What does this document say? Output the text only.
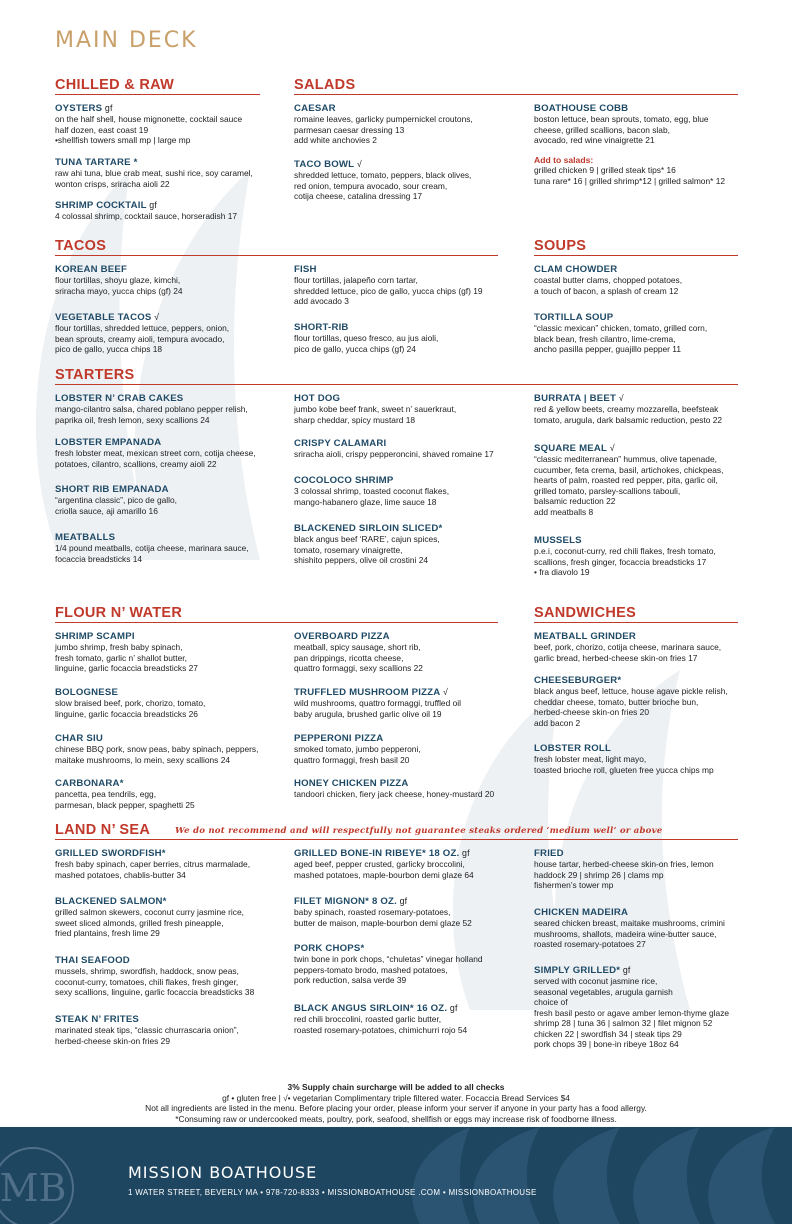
MAIN DECK
CHILLED & RAW	SALADS
TACOS	SOUPS
STARTERS
FLOUR N’ WATER	SANDWICHES
LAND N’ SEA	We do not recommend and will respectfully not guarantee steaks ordered ‘medium well’ or above
OYSTERS gf
on the half shell, house mignonette, cocktail sauce
half dozen, east coast 19
•shellfish towers small mp | large mp
TUNA TARTARE *
raw ahi tuna, blue crab meat, sushi rice, soy caramel,
wonton crisps, sriracha aioli 22
SHRIMP COCKTAIL gf
4 colossal shrimp, cocktail sauce, horseradish 17
CAESAR
romaine leaves, garlicky pumpernickel croutons,
parmesan caesar dressing 13
add white anchovies 2
TACO BOWL √
shredded lettuce, tomato, peppers, black olives,
red onion, tempura avocado, sour cream,
cotija cheese, catalina dressing 17
BOATHOUSE COBB
boston lettuce, bean sprouts, tomato, egg, blue
cheese, grilled scallions, bacon slab,
avocado, red wine vinaigrette 21
Add to salads:
grilled chicken 9 | grilled steak tips* 16
tuna rare* 16 | grilled shrimp*12 | grilled salmon* 12
KOREAN BEEF
flour tortillas, shoyu glaze, kimchi,
sriracha mayo, yucca chips (gf) 24
VEGETABLE TACOS √
flour tortillas, shredded lettuce, peppers, onion,
bean sprouts, creamy aioli, tempura avocado,
pico de gallo, yucca chips 18
FISH
flour tortillas, jalapeño corn tartar,
shredded lettuce, pico de gallo, yucca chips (gf) 19
add avocado 3
SHORT-RIB
flour tortillas, queso fresco, au jus aioli,
pico de gallo, yucca chips (gf) 24
CLAM CHOWDER
coastal butter clams, chopped potatoes,
a touch of bacon, a splash of cream 12
TORTILLA SOUP
“classic mexican” chicken, tomato, grilled corn,
black bean, fresh cilantro, lime-crema,
ancho pasilla pepper, guajillo pepper 11
LOBSTER N’ CRAB CAKES
mango-cilantro salsa, chared poblano pepper relish,
paprika oil, fresh lemon, sexy scallions 24
LOBSTER EMPANADA
fresh lobster meat, mexican street corn, cotija cheese,
potatoes, cilantro, scallions, creamy aioli 22
SHORT RIB EMPANADA
“argentina classic”, pico de gallo,
criolla sauce, aji amarillo 16
MEATBALLS
1/4 pound meatballs, cotija cheese, marinara sauce,
focaccia breadsticks 14
HOT DOG
jumbo kobe beef frank, sweet n’ sauerkraut,
sharp cheddar, spicy mustard 18
CRISPY CALAMARI
sriracha aioli, crispy pepperoncini, shaved romaine 17
COCOLOCO SHRIMP
3 colossal shrimp, toasted coconut flakes,
mango-habanero glaze, lime sauce 18
BLACKENED SIRLOIN SLICED*
black angus beef ‘RARE’, cajun spices,
tomato, rosemary vinaigrette,
shishito peppers, olive oil crostini 24
BURRATA | BEET √
red & yellow beets, creamy mozzarella, beefsteak
tomato, arugula, dark balsamic reduction, pesto 22
SQUARE MEAL √
“classic mediterranean” hummus, olive tapenade,
cucumber, feta crema, basil, artichokes, chickpeas,
hearts of palm, roasted red pepper, pita, garlic oil,
grilled tomato, parsley-scallions tabouli,
balsamic reduction 22
add meatballs 8
MUSSELS
p.e.i, coconut-curry, red chili flakes, fresh tomato,
scallions, fresh ginger, focaccia breadsticks 17
• fra diavolo 19
SHRIMP SCAMPI
jumbo shrimp, fresh baby spinach,
fresh tomato, garlic n’ shallot butter,
linguine, garlic focaccia breadsticks 27
BOLOGNESE
slow braised beef, pork, chorizo, tomato,
linguine, garlic focaccia breadsticks 26
CHAR SIU
chinese BBQ pork, snow peas, baby spinach, peppers,
maitake mushrooms, lo mein, sexy scallions 24
CARBONARA*
pancetta, pea tendrils, egg,
parmesan, black pepper, spaghetti 25
OVERBOARD PIZZA
meatball, spicy sausage, short rib,
pan drippings, ricotta cheese,
quattro formaggi, sexy scallions 22
TRUFFLED MUSHROOM PIZZA √
wild mushrooms, quattro formaggi, truffled oil
baby arugula, brushed garlic olive oil 19
PEPPERONI PIZZA
smoked tomato, jumbo pepperoni,
quattro formaggi, fresh basil 20
HONEY CHICKEN PIZZA
tandoori chicken, fiery jack cheese, honey-mustard 20
MEATBALL GRINDER
beef, pork, chorizo, cotija cheese, marinara sauce,
garlic bread, herbed-cheese skin-on fries 17
CHEESEBURGER*
black angus beef, lettuce, house agave pickle relish,
cheddar cheese, tomato, butter brioche bun,
herbed-cheese skin-on fries 20
add bacon 2
LOBSTER ROLL
fresh lobster meat, light mayo,
toasted brioche roll, glueten free yucca chips mp
GRILLED SWORDFISH*
fresh baby spinach, caper berries, citrus marmalade,
mashed potatoes, chablis-butter 34
BLACKENED SALMON*
grilled salmon skewers, coconut curry jasmine rice,
sweet sliced almonds, grilled fresh pineapple,
fried plantains, fresh lime 29
THAI SEAFOOD
mussels, shrimp, swordfish, haddock, snow peas,
coconut-curry, tomatoes, chili flakes, fresh ginger,
sexy scallions, linguine, garlic focaccia breadsticks 38
STEAK N’ FRITES
marinated steak tips, “classic churrascaria onion”,
herbed-cheese skin-on fries 29
GRILLED BONE-IN RIBEYE* 18 OZ. gf
aged beef, pepper crusted, garlicky broccolini,
mashed potatoes, maple-bourbon demi glaze 64
FILET MIGNON* 8 OZ. gf
baby spinach, roasted rosemary-potatoes,
butter de maison, maple-bourbon demi glaze 52
PORK CHOPS*
twin bone in pork chops, “chuletas” vinegar holland
peppers-tomato brodo, mashed potatoes,
pork reduction, salsa verde 39
BLACK ANGUS SIRLOIN* 16 OZ. gf
red chili broccolini, roasted garlic butter,
roasted rosemary-potatoes, chimichurri rojo 54
FRIED
house tartar, herbed-cheese skin-on fries, lemon
haddock 29 | shrimp 26 | clams mp
fishermen’s tower mp
CHICKEN MADEIRA
seared chicken breast, maitake mushrooms, crimini
mushrooms, shallots, madeira wine-butter sauce,
roasted rosemary-potatoes 27
SIMPLY GRILLED* gf
served with coconut jasmine rice,
seasonal vegetables, arugula garnish
choice of
fresh basil pesto or agave amber lemon-thyme glaze
shrimp 28 | tuna 36 | salmon 32 | filet mignon 52
chicken 22 | swordfish 34 | steak tips 29
pork chops 39 | bone-in ribeye 18oz 64
3% Supply chain surcharge will be added to all checks
gf • gluten free | √• vegetarian Complimentary triple filtered water. Focaccia Bread Services $4
Not all ingredients are listed in the menu. Before placing your order, please inform your server if anyone in your party has a food allergy.
*Consuming raw or undercooked meats, poultry, pork, seafood, shellfish or eggs may increase risk of foodborne illness.
MB	MISSION BOATHOUSE
1 WATER STREET, BEVERLY MA • 978-720-8333 • MISSIONBOATHOUSE .COM • MISSIONBOATHOUSE
